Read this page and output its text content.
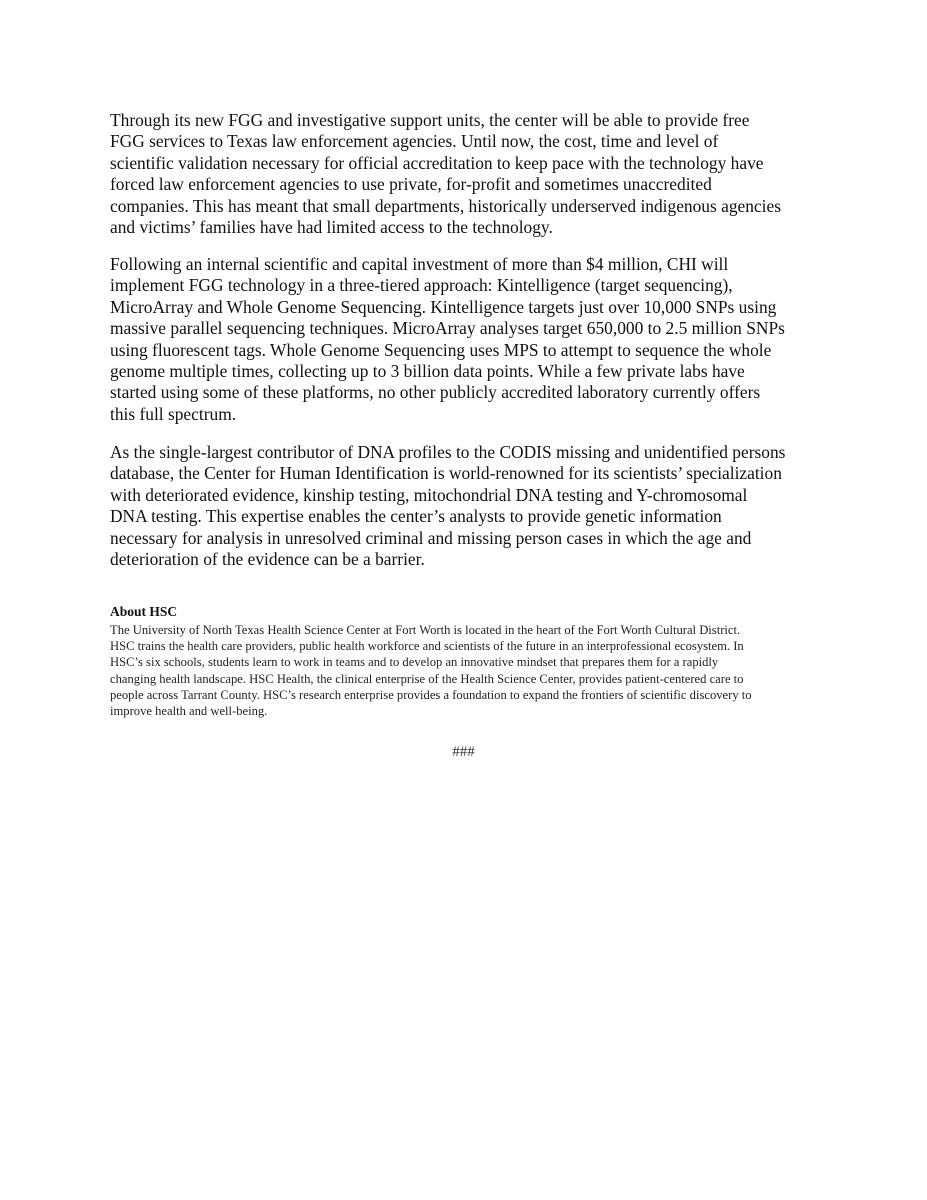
Through its new FGG and investigative support units, the center will be able to provide free
FGG services to Texas law enforcement agencies. Until now, the cost, time and level of
scientific validation necessary for official accreditation to keep pace with the technology have
forced law enforcement agencies to use private, for-profit and sometimes unaccredited
companies. This has meant that small departments, historically underserved indigenous agencies
and victims’ families have had limited access to the technology.

Following an internal scientific and capital investment of more than $4 million, CHI will
implement FGG technology in a three-tiered approach: Kintelligence (target sequencing),
MicroArray and Whole Genome Sequencing. Kintelligence targets just over 10,000 SNPs using
massive parallel sequencing techniques. MicroArray analyses target 650,000 to 2.5 million SNPs
using fluorescent tags. Whole Genome Sequencing uses MPS to attempt to sequence the whole
genome multiple times, collecting up to 3 billion data points. While a few private labs have
started using some of these platforms, no other publicly accredited laboratory currently offers
this full spectrum.

As the single-largest contributor of DNA profiles to the CODIS missing and unidentified persons
database, the Center for Human Identification is world-renowned for its scientists’ specialization
with deteriorated evidence, kinship testing, mitochondrial DNA testing and Y-chromosomal
DNA testing. This expertise enables the center’s analysts to provide genetic information
necessary for analysis in unresolved criminal and missing person cases in which the age and
deterioration of the evidence can be a barrier.

About HSC

The University of North Texas Health Science Center at Fort Worth is located in the heart of the Fort Worth Cultural District.
HSC trains the health care providers, public health workforce and scientists of the future in an interprofessional ecosystem. In
HSC’s six schools, students learn to work in teams and to develop an innovative mindset that prepares them for a rapidly
changing health landscape. HSC Health, the clinical enterprise of the Health Science Center, provides patient-centered care to
people across Tarrant County. HSC’s research enterprise provides a foundation to expand the frontiers of scientific discovery to
improve health and well-being.

###
